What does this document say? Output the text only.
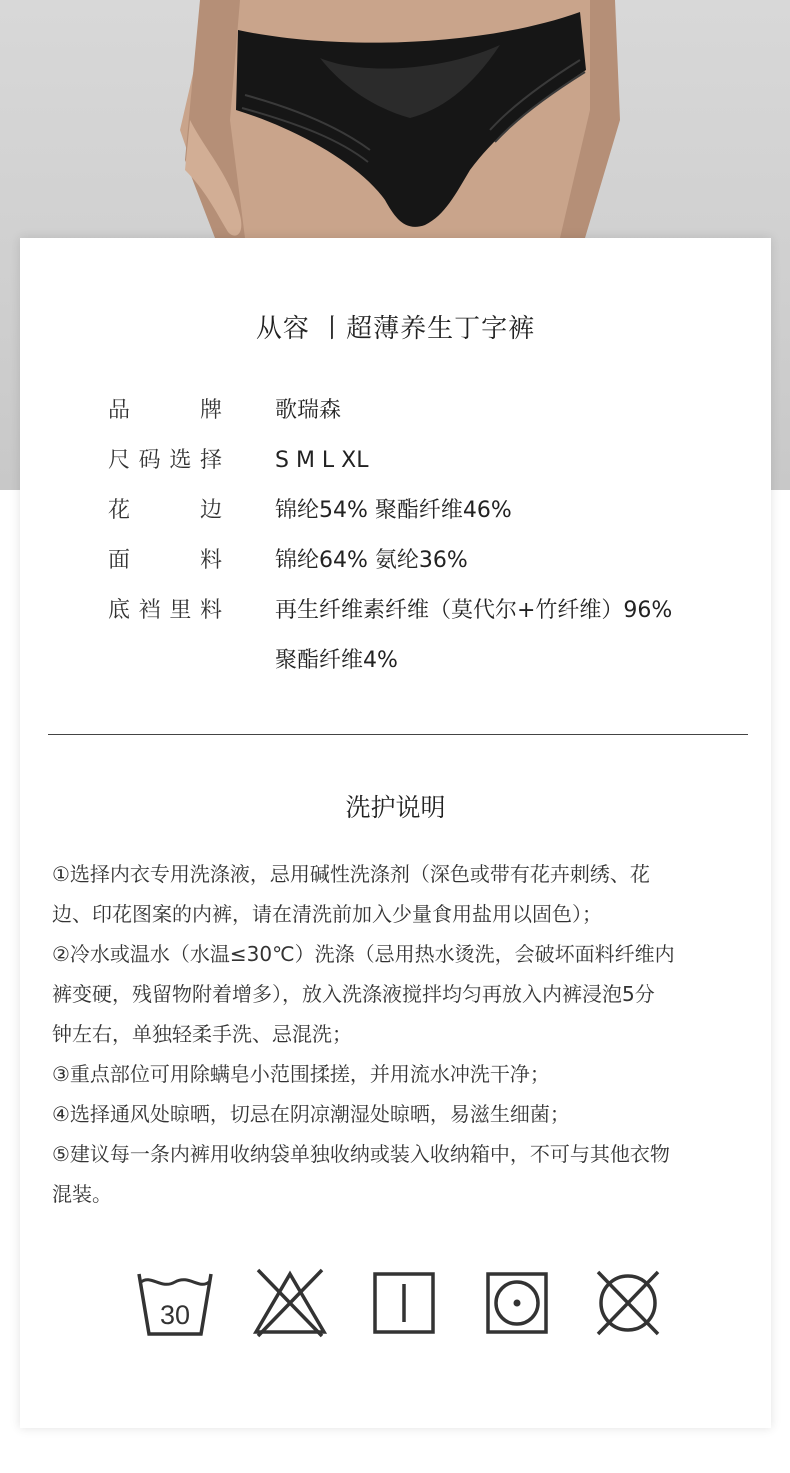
从容 丨超薄养生丁字裤
品牌 歌瑞森
尺码选择 S M L XL
花边 锦纶54% 聚酯纤维46%
面料 锦纶64% 氨纶36%
底裆里料 再生纤维素纤维（莫代尔+竹纤维）96%
聚酯纤维4%
洗护说明
①选择内衣专用洗涤液，忌用碱性洗涤剂（深色或带有花卉刺绣、花
边、印花图案的内裤，请在清洗前加入少量食用盐用以固色）；
②冷水或温水（水温≤30℃）洗涤（忌用热水烫洗，会破坏面料纤维内
裤变硬，残留物附着增多），放入洗涤液搅拌均匀再放入内裤浸泡5分
钟左右，单独轻柔手洗、忌混洗；
③重点部位可用除螨皂小范围揉搓，并用流水冲洗干净；
④选择通风处晾晒，切忌在阴凉潮湿处晾晒，易滋生细菌；
⑤建议每一条内裤用收纳袋单独收纳或装入收纳箱中，不可与其他衣物
混装。
30
